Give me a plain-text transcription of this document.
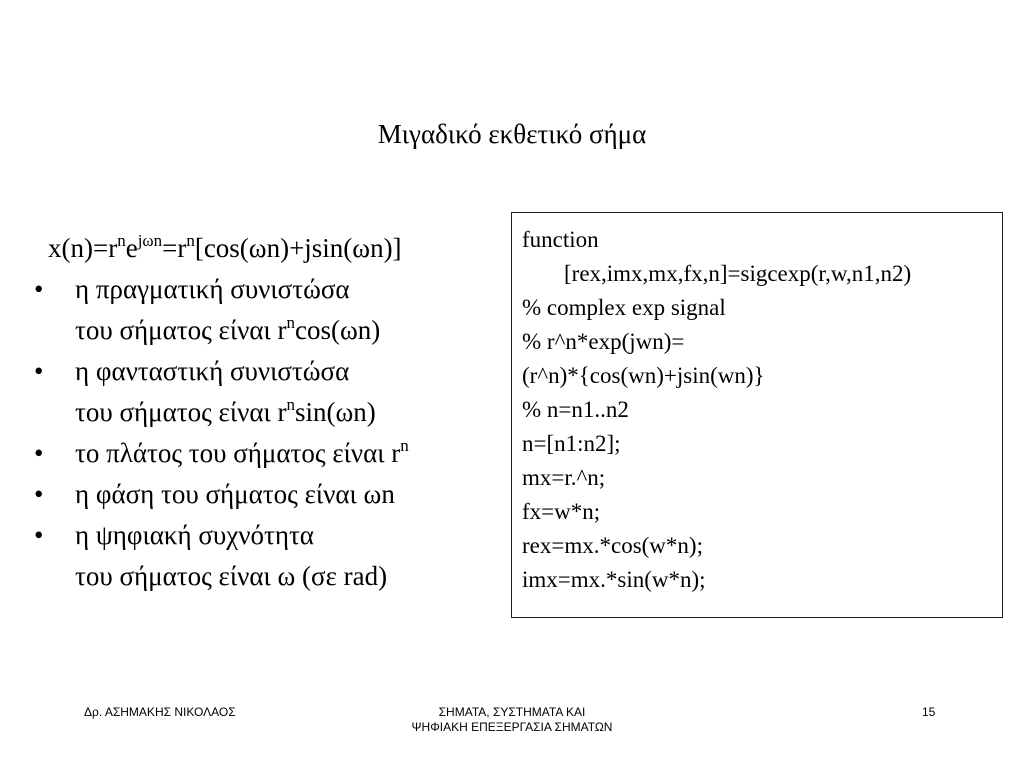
Μιγαδικό εκθετικό σήμα
$x(n)=r^ne^{j\omega n}=r^n[\cos(\omega n)+jsin(\omega n)]$
• η πραγματική συνιστώσα
του σήματος είναι $r^n\cos(\omega n)$
• η φανταστική συνιστώσα
του σήματος είναι $r^n\sin(\omega n)$
• το πλάτος του σήματος είναι $r^n$
• η φάση του σήματος είναι ωn
• η ψηφιακή συχνότητα
του σήματος είναι ω (σε rad)
function
[rex,imx,mx,fx,n]=sigcexp(r,w,n1,n2)
% complex exp signal
% r^n*exp(jwn)=
(r^n)*{cos(wn)+jsin(wn)}
% n=n1..n2
n=[n1:n2];
mx=r.^n;
fx=w*n;
rex=mx.*cos(w*n);
imx=mx.*sin(w*n);
Δρ. ΑΣΗΜΑΚΗΣ ΝΙΚΟΛΑΟΣ	ΣΗΜΑΤΑ, ΣΥΣΤΗΜΑΤΑ ΚΑΙ
ΨΗΦΙΑΚΗ ΕΠΕΞΕΡΓΑΣΙΑ ΣΗΜΑΤΩΝ
15
